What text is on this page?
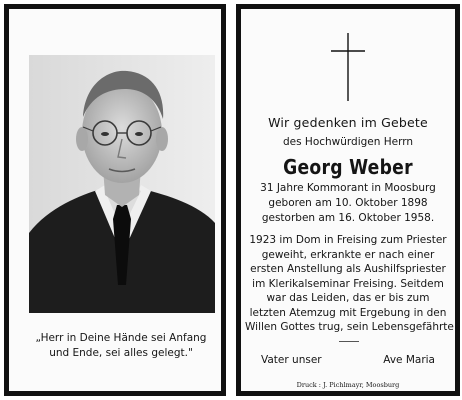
„Herr in Deine Hände sei Anfang
und Ende, sei alles gelegt."
Wir gedenken im Gebete
des Hochwürdigen Herrn
Georg Weber
31 Jahre Kommorant in Moosburg
geboren am 10. Oktober 1898
gestorben am 16. Oktober 1958.
1923 im Dom in Freising zum Priester
geweiht, erkrankte er nach einer
ersten Anstellung als Aushilfspriester
im Klerikalseminar Freising. Seitdem
war das Leiden, das er bis zum
letzten Atemzug mit Ergebung in den
Willen Gottes trug, sein Lebensgefährte.
Vater unser	Ave Maria
Druck : J. Pichlmayr, Moosburg
